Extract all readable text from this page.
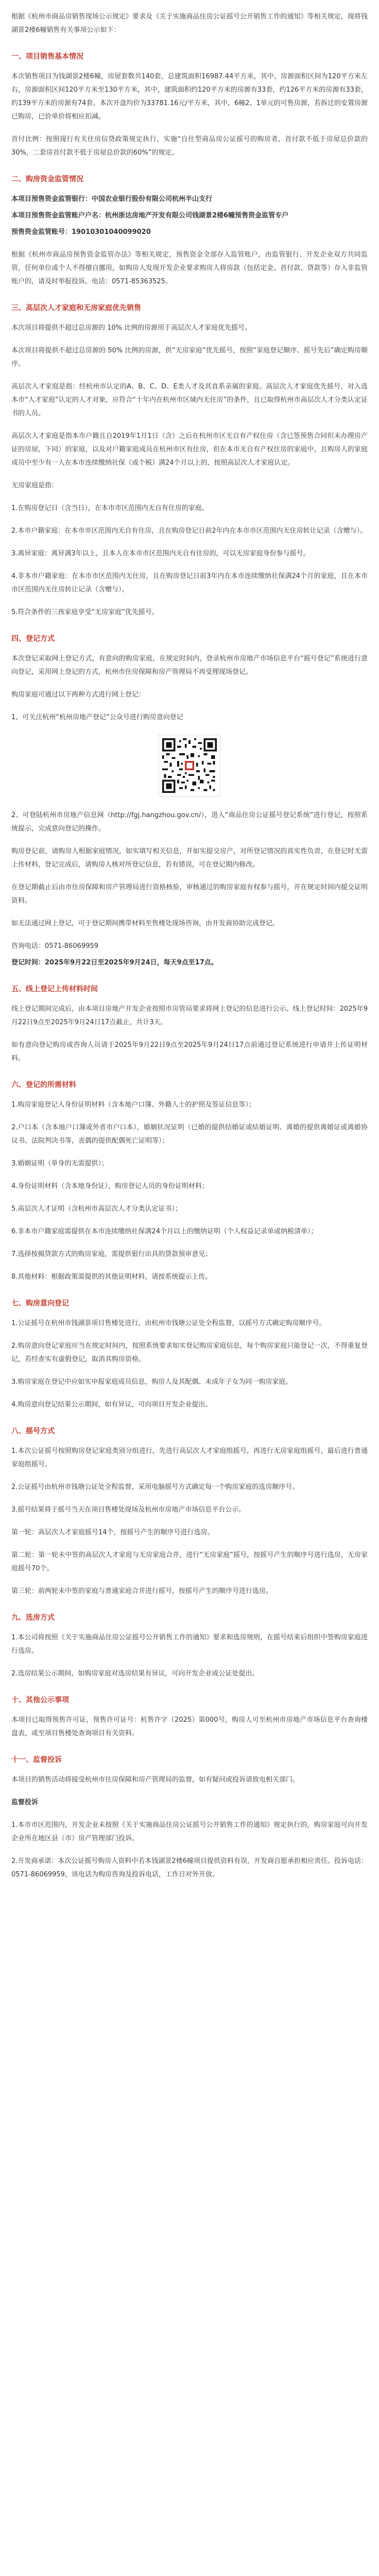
根据《杭州市商品房销售现场公示规定》要求及《关于实施商品住房公证摇号公开销售工作的通知》等相关规定，现将钱湖景2楼6幢销售有关事项公示如下：

一、项目销售基本情况

本次销售项目为钱湖景2楼6幢，房屋套数共140套，总建筑面积16987.44平方米，其中，房源面积区间为120平方米左右，房源面积区间120平方米至130平方米，其中，建筑面积约120平方米的房源有33套，约126平方米的房源有33套，约139平方米的房源有74套。本次开盘均价为33781.16元/平方米，其中，6幢2、1单元的可售房源，若拆迁的安置房源已购房，已价单价将相应扣减。

首付比例：按照现行有关住房信贷政策规定执行，实施“自住型商品房公证摇号的购房者，首付款不低于房屋总价款的30%，二套房首付款不低于房屋总价款的60%”的规定。

二、购房资金监管情况

本项目预售资金监管银行：中国农业银行股份有限公司杭州半山支行

本项目预售资金监管账户户名：杭州浙达房地产开发有限公司钱湖景2楼6幢预售资金监管专户

预售资金监管账号：19010301040099020

根据《杭州市商品房预售资金监管办法》等相关规定，预售资金全部存入监管账户，由监管银行、开发企业双方共同监管，任何单位或个人不得擅自挪用，如购房人发现开发企业要求购房人将房款（包括定金、首付款、贷款等）存入非监管账户的，请及时举报投诉。电话：0571-85363525。

三、高层次人才家庭和无房家庭优先销售

本次项目将提供不超过总房源的 10% 比例的房源用于高层次人才家庭优先摇号。

本次项目将提供不超过总房源的 50% 比例的房源，供“无房家庭”优先摇号，按照“家庭登记顺序、摇号先后”确定购房顺序。

高层次人才家庭是指：经杭州市认定的A、B、C、D、E类人才及其直系亲属的家庭。高层次人才家庭优先摇号，对入选本市“人才家庭”认定的人才对象，应符合“十年内在杭州市区域内无住房”的条件，且已取得杭州市高层次人才分类认定证书的人员。

高层次人才家庭是指本市户籍且自2019年1月1日（含）之后在杭州市区无自有产权住房（含已签预售合同但未办理房产证的房屋，下同）的家庭，以及对户籍家庭成员在杭州市区有住房，但在本市无自有产权住房的家庭中，且购房人的家庭成员中至少有一人在本市连续缴纳社保（或个税）满24个月以上的，按照高层次人才家庭认定。

无房家庭是指：

1.在购房登记日（含当日），在本市市区范围内无自有住房的家庭。

2.本市户籍家庭：在本市市区范围内无自有住房，且在购房登记日前2年内在本市市区范围内无住房转让记录（含赠与）。

3.离异家庭：离异满3年以上，且本人在本市市区范围内无自有住房的，可以无房家庭身份参与摇号。

4.非本市户籍家庭：在本市市区范围内无住房，且在购房登记日前3年内在本市连续缴纳社保满24个月的家庭，且在本市市区范围内无住房转让记录（含赠与）。

5.符合条件的三孩家庭享受“无房家庭”优先摇号。

四、登记方式

本次登记采取网上登记方式，有意向的购房家庭，在规定时间内，登录杭州市房地产市场信息平台“摇号登记”系统进行意向登记，采用网上登记的方式，杭州市住房保障和房产管理局不再受理现场登记。

购房家庭可通过以下两种方式进行网上登记：

1、可关注杭州“杭州房地产登记”公众号进行购房意向登记

2、可登陆杭州市房地产信息网（http://fgj.hangzhou.gov.cn/），进入“商品住房公证摇号登记系统”进行登记，按照系统提示，完成意向登记的操作。

购房登记前，请购房人根据家庭情况，如实填写相关信息，并如实提交房产，对所登记情况的真实性负责，在登记时无需上传材料，登记完成后，请购房人核对所登记信息，若有错误，可在登记期内修改。

在登记期截止后由市住房保障和房产管理局进行资格核验，审核通过的购房家庭有权参与摇号，并在规定时间内提交证明资料。

如无法通过网上登记，可于登记期间携带材料至售楼处现场咨询，由开发商协助完成登记。

咨询电话：0571-86069959

登记时间：2025年9月22日至2025年9月24日，每天9点至17点。

五、线上登记上传材料时间

线上登记期间完成后，由本项目房地产开发企业按照市房管局要求将网上登记的信息进行公示。线上登记时间：2025年9月22日9点至2025年9月24日17点截止，共计3天。

如有意向登记购房或咨询人员请于2025年9月22日9点至2025年9月24日17点前通过登记系统进行申请并上传证明材料。

六、登记的所需材料

1.购房家庭登记人身份证明材料（含本地户口簿、外籍人士的护照及签证信息等）；

2.户口本（含本地户口簿或外省市户口本），婚姻状况证明（已婚的提供结婚证或结婚证明、离婚的提供离婚证或离婚协议书、法院判决书等，丧偶的提供配偶死亡证明等）；

3.婚姻证明（单身的无需提供）；

4.身份证明材料（含本地身份证），购房登记人员的身份证明材料；

5.高层次人才证明（含杭州市高层次人才分类认定证书）；

6.非本市户籍家庭需提供在本市连续缴纳社保满24个月以上的缴纳证明（个人权益记录单或纳税清单）；

7.选择按揭贷款方式的购房家庭，需提供银行出具的贷款预审意见；

8.其他材料：根据政策需提供的其他证明材料，请按系统提示上传。

七、购房意向登记

1.公证摇号在杭州市钱湖景项目售楼处进行，由杭州市钱塘公证处全程监督，以摇号方式确定购房顺序号。

2.购房意向登记家庭应当在规定时间内，按照系统要求如实登记购房家庭信息，每个购房家庭只能登记一次，不得重复登记，若经查实有虚假登记，取消其购房资格。

3.购房家庭在登记中应如实申报家庭成员信息，购房人及其配偶、未成年子女为同一购房家庭。

4.购房意向登记结果公示期间，如有异议，可向项目开发企业提出。

八、摇号方式

1.本次公证摇号按照购房登记家庭类别分组进行，先进行高层次人才家庭组摇号，再进行无房家庭组摇号，最后进行普通家庭组摇号。

2.公证摇号由杭州市钱塘公证处全程监督，采用电脑摇号方式确定每一个购房家庭的选房顺序号。

3.摇号结果将于摇号当天在项目售楼处现场及杭州市房地产市场信息平台公示。

第一轮：高层次人才家庭摇号14个，按摇号产生的顺序号进行选房。

第二轮：第一轮未中签的高层次人才家庭与无房家庭合并，进行“无房家庭”摇号，按摇号产生的顺序号进行选房，无房家庭摇号70个。

第三轮：前两轮未中签的家庭与普通家庭合并进行摇号，按摇号产生的顺序号进行选房。

九、选房方式

1.本公司将按照《关于实施商品住房公证摇号公开销售工作的通知》要求和选房规则，在摇号结束后组织中签购房家庭进行选房。

2.选房结果公示期间，如购房家庭对选房结果有异议，可向开发企业或公证处提出。

十、其他公示事项

本项目已取得预售许可证，预售许可证号：杭售许字（2025）第000号，购房人可至杭州市房地产市场信息平台查询楼盘表，或至项目售楼处查询项目有关资料。

十一、监督投诉

本项目的销售活动将接受杭州市住房保障和房产管理局的监督，如有疑问或投诉请致电相关部门。

监督投诉

1.本市市区范围内，开发企业未按照《关于实施商品住房公证摇号公开销售工作的通知》规定执行的，购房家庭可向开发企业所在地区县（市）房产管理部门投诉。

2.开发商承诺：本次公证摇号购房人资料中若本钱湖景2楼6幢项目提供资料有误，开发商自愿承担相应责任。投诉电话：0571-86069959，该电话为购房咨询及投诉电话，工作日对外开放。
